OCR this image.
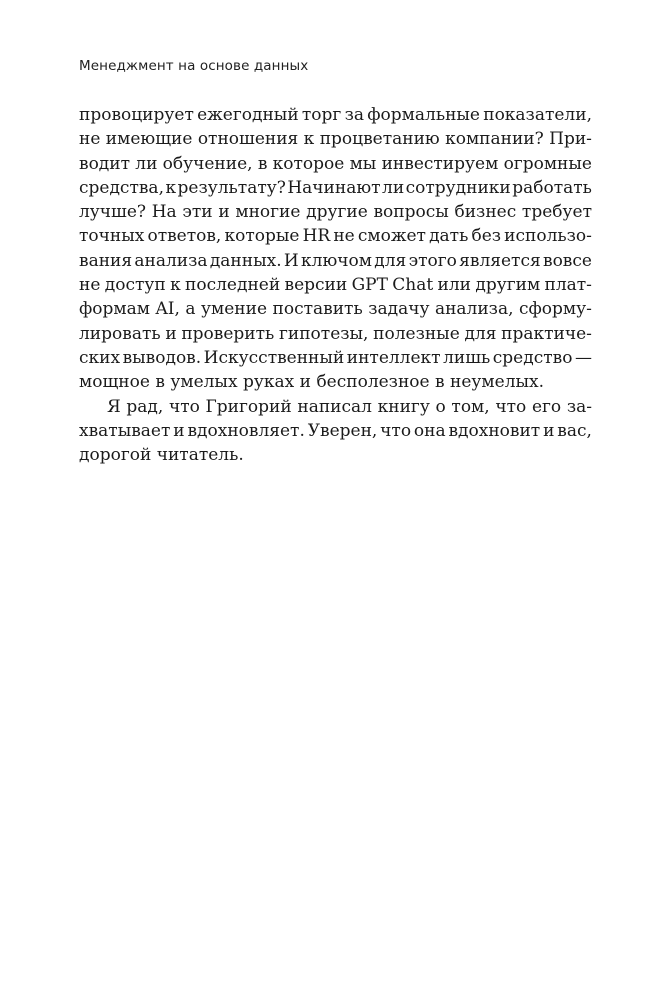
Менеджмент на основе данных
провоцирует ежегодный торг за формальные показатели,
не имеющие отношения к процветанию компании? При-
водит ли обучение, в которое мы инвестируем огромные
средства, к результату? Начинают ли сотрудники работать
лучше? На эти и многие другие вопросы бизнес требует
точных ответов, которые HR не сможет дать без использо-
вания анализа данных. И ключом для этого является вовсе
не доступ к последней версии GPT Chat или другим плат-
формам AI, а умение поставить задачу анализа, сформу-
лировать и проверить гипотезы, полезные для практиче-
ских выводов. Искусственный интеллект лишь средство —
мощное в умелых руках и бесполезное в неумелых.
Я рад, что Григорий написал книгу о том, что его за-
хватывает и вдохновляет. Уверен, что она вдохновит и вас,
дорогой читатель.
